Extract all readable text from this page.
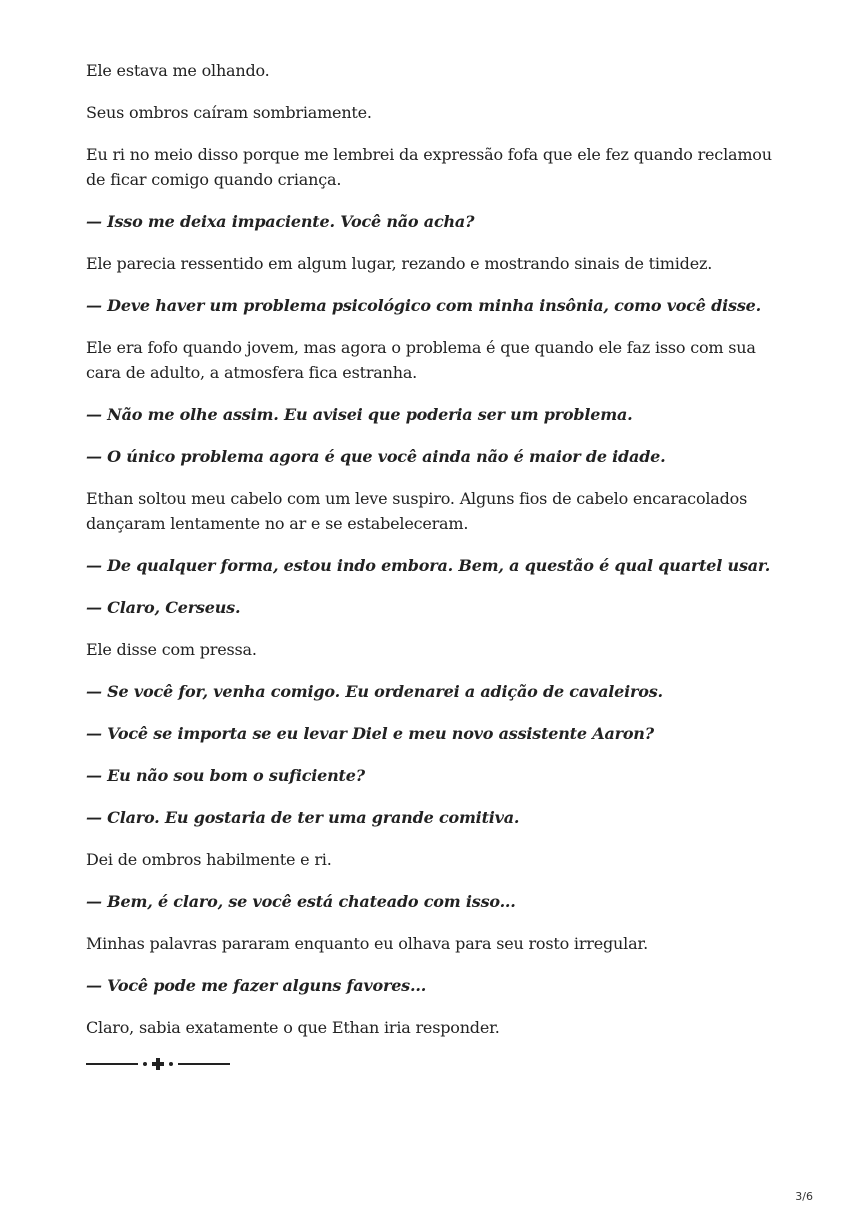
Ele estava me olhando.

Seus ombros caíram sombriamente.

Eu ri no meio disso porque me lembrei da expressão fofa que ele fez quando reclamou de ficar comigo quando criança.

— Isso me deixa impaciente. Você não acha?

Ele parecia ressentido em algum lugar, rezando e mostrando sinais de timidez.

— Deve haver um problema psicológico com minha insônia, como você disse.

Ele era fofo quando jovem, mas agora o problema é que quando ele faz isso com sua cara de adulto, a atmosfera fica estranha.

— Não me olhe assim. Eu avisei que poderia ser um problema.

— O único problema agora é que você ainda não é maior de idade.

Ethan soltou meu cabelo com um leve suspiro. Alguns fios de cabelo encaracolados dançaram lentamente no ar e se estabeleceram.

— De qualquer forma, estou indo embora. Bem, a questão é qual quartel usar.

— Claro, Cerseus.

Ele disse com pressa.

— Se você for, venha comigo. Eu ordenarei a adição de cavaleiros.

— Você se importa se eu levar Diel e meu novo assistente Aaron?

— Eu não sou bom o suficiente?

— Claro. Eu gostaria de ter uma grande comitiva.

Dei de ombros habilmente e ri.

— Bem, é claro, se você está chateado com isso...

Minhas palavras pararam enquanto eu olhava para seu rosto irregular.

— Você pode me fazer alguns favores...

Claro, sabia exatamente o que Ethan iria responder.

3/6
